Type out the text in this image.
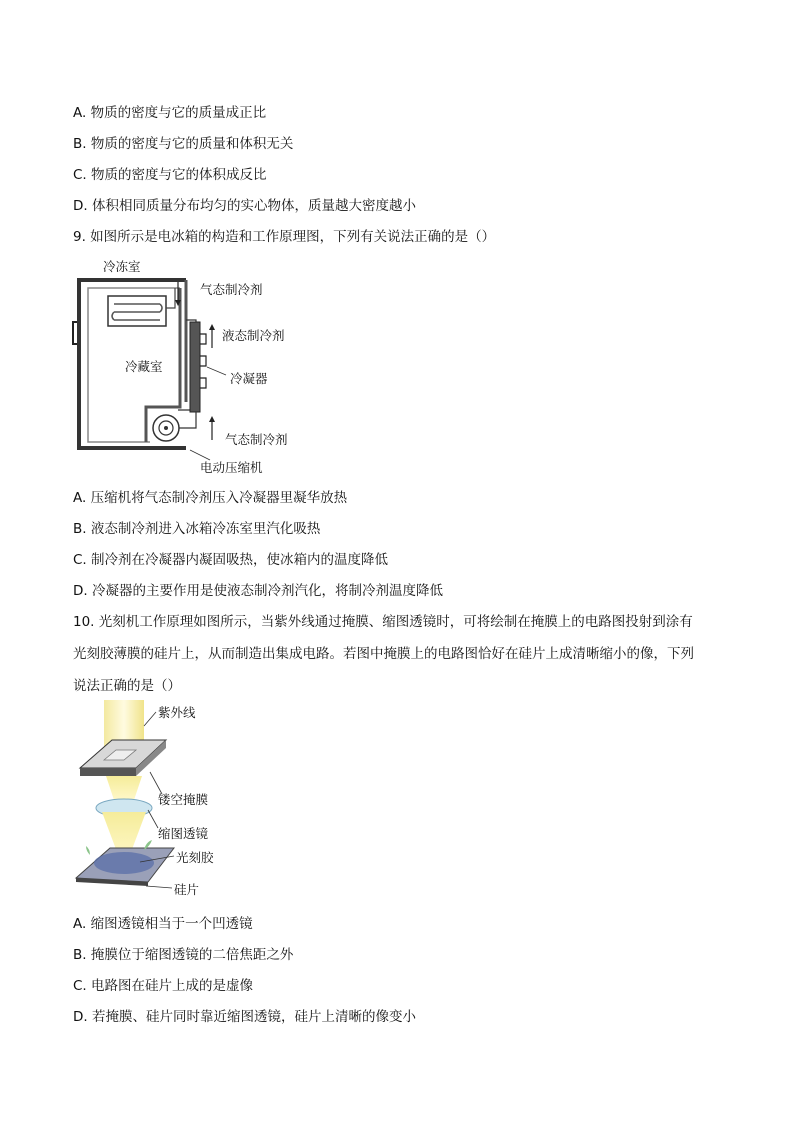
A. 物质的密度与它的质量成正比
B. 物质的密度与它的质量和体积无关
C. 物质的密度与它的体积成反比
D. 体积相同质量分布均匀的实心物体，质量越大密度越小
9. 如图所示是电冰箱的构造和工作原理图，下列有关说法正确的是（）
冷冻室
气态制冷剂
液态制冷剂
冷藏室
冷凝器
气态制冷剂
电动压缩机
A. 压缩机将气态制冷剂压入冷凝器里凝华放热
B. 液态制冷剂进入冰箱冷冻室里汽化吸热
C. 制冷剂在冷凝器内凝固吸热，使冰箱内的温度降低
D. 冷凝器的主要作用是使液态制冷剂汽化，将制冷剂温度降低
10. 光刻机工作原理如图所示，当紫外线通过掩膜、缩图透镜时，可将绘制在掩膜上的电路图投射到涂有
光刻胶薄膜的硅片上，从而制造出集成电路。若图中掩膜上的电路图恰好在硅片上成清晰缩小的像，下列
说法正确的是（）
紫外线
镂空掩膜
缩图透镜
光刻胶
硅片
A. 缩图透镜相当于一个凹透镜
B. 掩膜位于缩图透镜的二倍焦距之外
C. 电路图在硅片上成的是虚像
D. 若掩膜、硅片同时靠近缩图透镜，硅片上清晰的像变小
